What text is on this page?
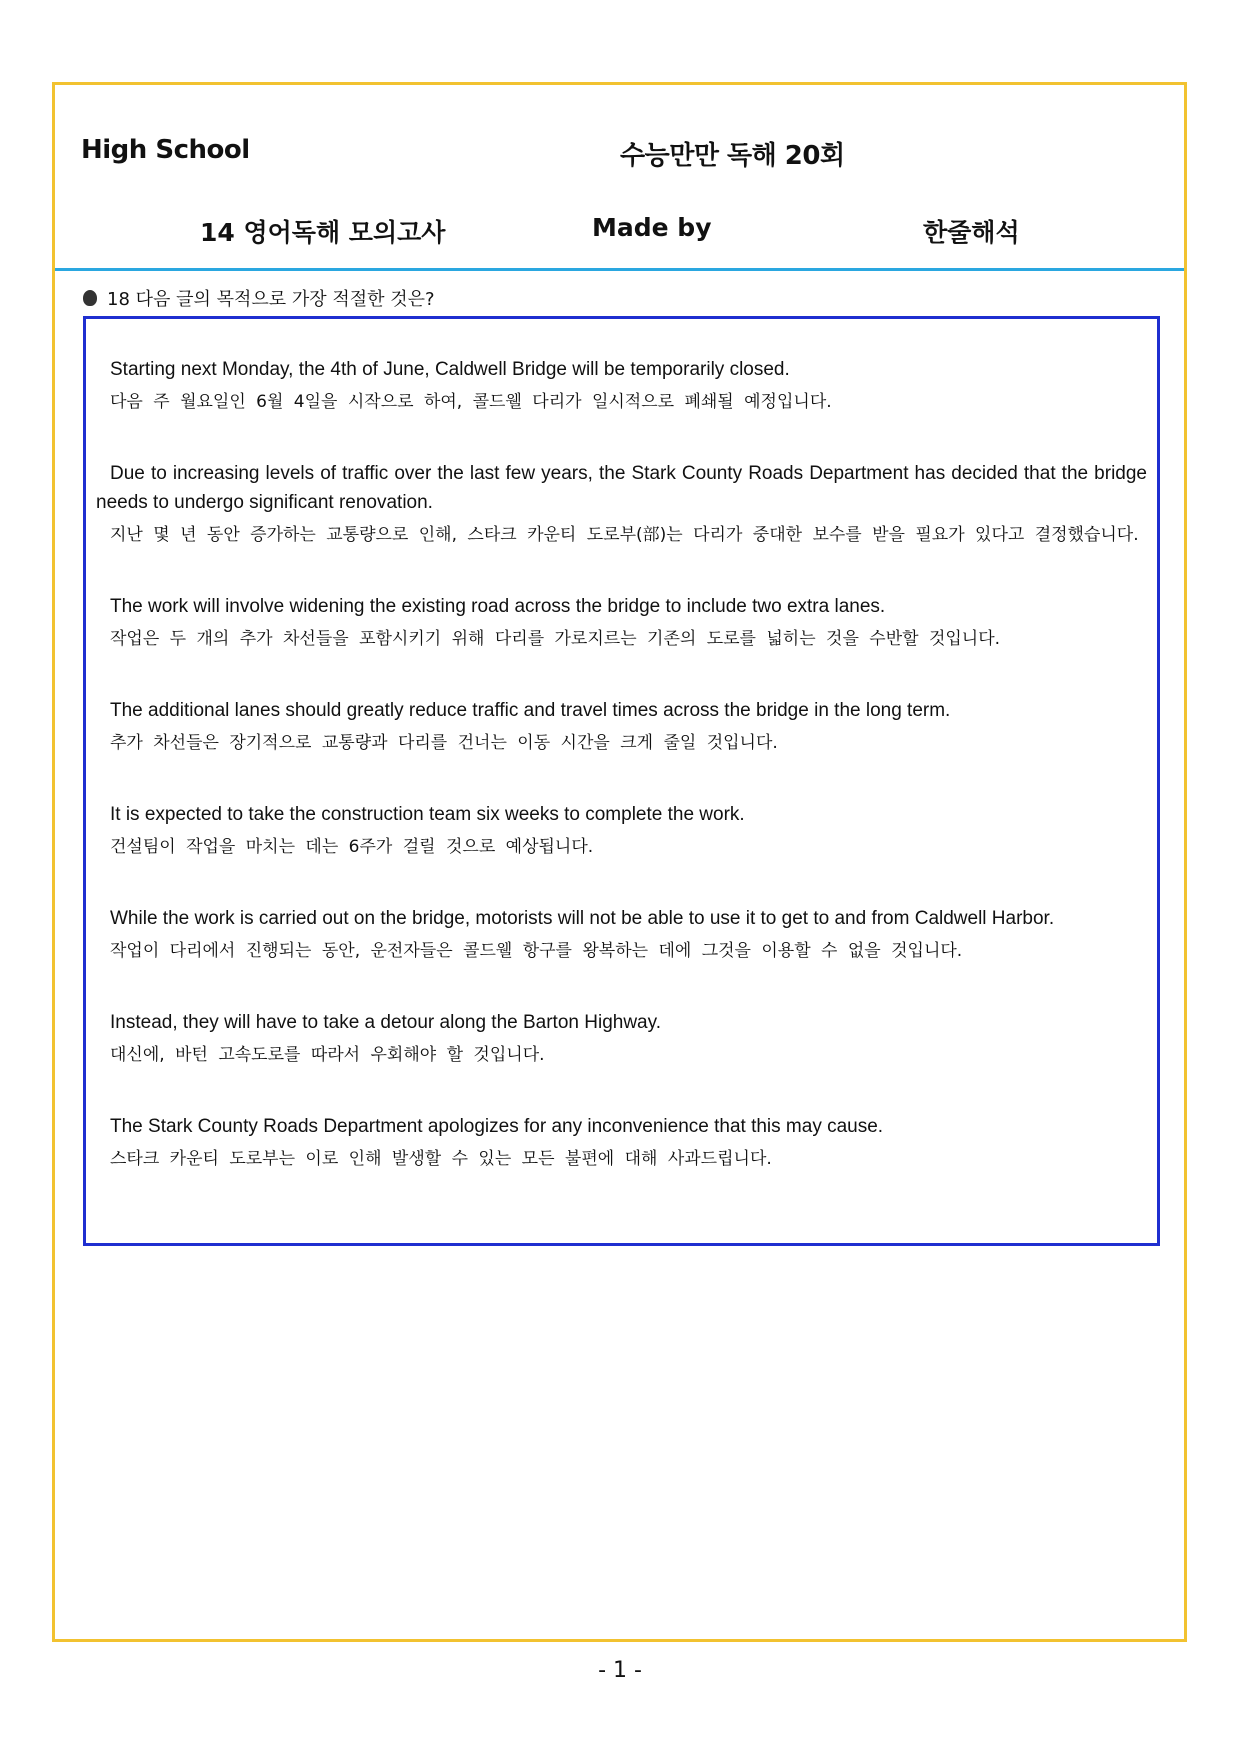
High School	수능만만 독해 20회
14 영어독해 모의고사	Made by	한줄해석
18 다음 글의 목적으로 가장 적절한 것은?

Starting next Monday, the 4th of June, Caldwell Bridge will be temporarily closed.

다음 주 월요일인 6월 4일을 시작으로 하여, 콜드웰 다리가 일시적으로 폐쇄될 예정입니다.

Due to increasing levels of traffic over the last few years, the Stark County Roads Department has decided that the bridge needs to undergo significant renovation.

지난 몇 년 동안 증가하는 교통량으로 인해, 스타크 카운티 도로부(部)는 다리가 중대한 보수를 받을 필요가 있다고 결정했습니다.

The work will involve widening the existing road across the bridge to include two extra lanes.

작업은 두 개의 추가 차선들을 포함시키기 위해 다리를 가로지르는 기존의 도로를 넓히는 것을 수반할 것입니다.

The additional lanes should greatly reduce traffic and travel times across the bridge in the long term.

추가 차선들은 장기적으로 교통량과 다리를 건너는 이동 시간을 크게 줄일 것입니다.

It is expected to take the construction team six weeks to complete the work.

건설팀이 작업을 마치는 데는 6주가 걸릴 것으로 예상됩니다.

While the work is carried out on the bridge, motorists will not be able to use it to get to and from Caldwell Harbor.

작업이 다리에서 진행되는 동안, 운전자들은 콜드웰 항구를 왕복하는 데에 그것을 이용할 수 없을 것입니다.

Instead, they will have to take a detour along the Barton Highway.

대신에, 바턴 고속도로를 따라서 우회해야 할 것입니다.

The Stark County Roads Department apologizes for any inconvenience that this may cause.

스타크 카운티 도로부는 이로 인해 발생할 수 있는 모든 불편에 대해 사과드립니다.

- 1 -
